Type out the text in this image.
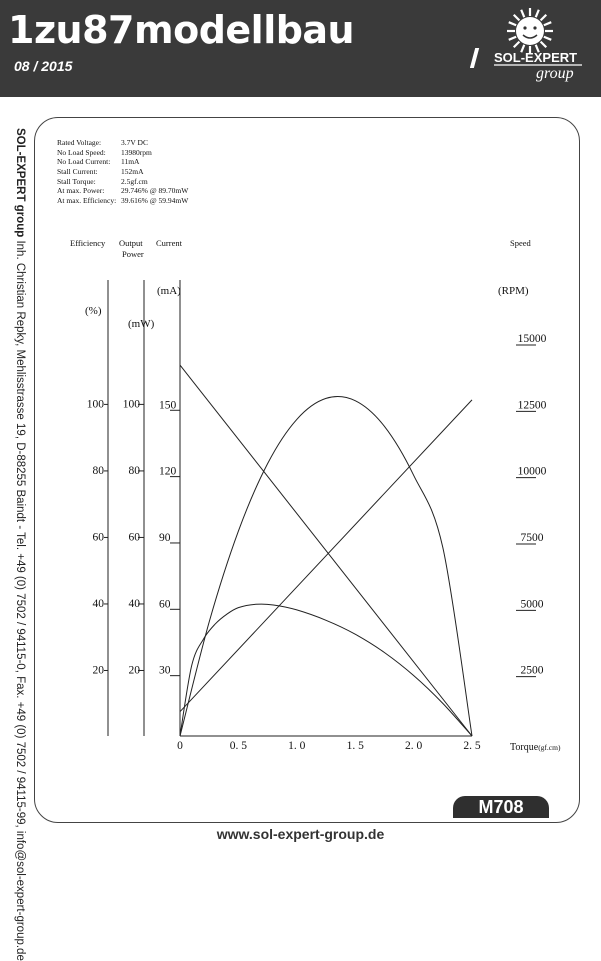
1zu87modellbau
08 / 2015
SOL-EXPERT
group
SOL-EXPERT group Inh. Christian Repky, Mehlisstrasse 19, D-88255 Baindt - Tel. +49 (0) 7502 / 94115-0, Fax. +49 (0) 7502 / 94115-99, info@sol-expert-group.de
Rated Voltage:	3.7V DC
No Load Speed:	13980rpm
No Load Current:	11mA
Stall Current:	152mA
Stall Torque:	2.5gf.cm
At max. Power:	29.746% @ 89.70mW
At max. Efficiency: 39.616% @ 59.94mW
Efficiency Output
Power
Current	Speed
(%)
(mW)
(mA)	(RPM)
20
40
60
80
100
20
40
60
80
100
30
60
90
120
150
2500
5000
7500
10000
12500
15000
0	0. 5	1. 0	1. 5	2. 0	2. 5	Torque(gf.cm)
M708
www.sol-expert-group.de
